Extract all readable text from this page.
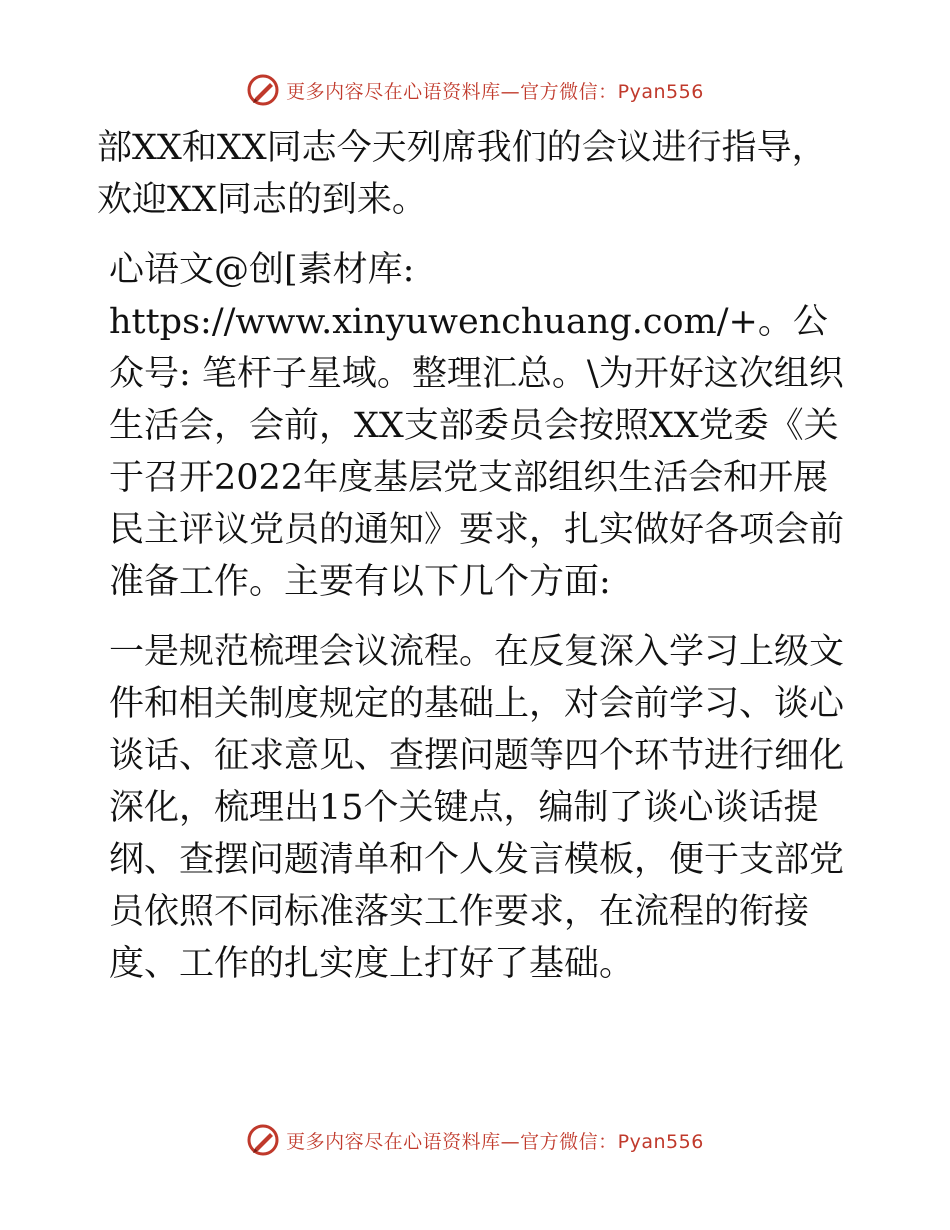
更多内容尽在心语资料库—官方微信：Pyan556

部XX和XX同志今天列席我们的会议进行指导，欢迎XX同志的到来。

心语文@创[素材库: https://www.xinyuwenchuang.com/+。公众号: 笔杆子星域。整理汇总。\为开好这次组织生活会，会前，XX支部委员会按照XX党委《关于召开2022年度基层党支部组织生活会和开展民主评议党员的通知》要求，扎实做好各项会前准备工作。主要有以下几个方面:

一是规范梳理会议流程。在反复深入学习上级文件和相关制度规定的基础上，对会前学习、谈心谈话、征求意见、查摆问题等四个环节进行细化深化，梳理出15个关键点，编制了谈心谈话提纲、查摆问题清单和个人发言模板，便于支部党员依照不同标准落实工作要求，在流程的衔接度、工作的扎实度上打好了基础。

更多内容尽在心语资料库—官方微信：Pyan556
